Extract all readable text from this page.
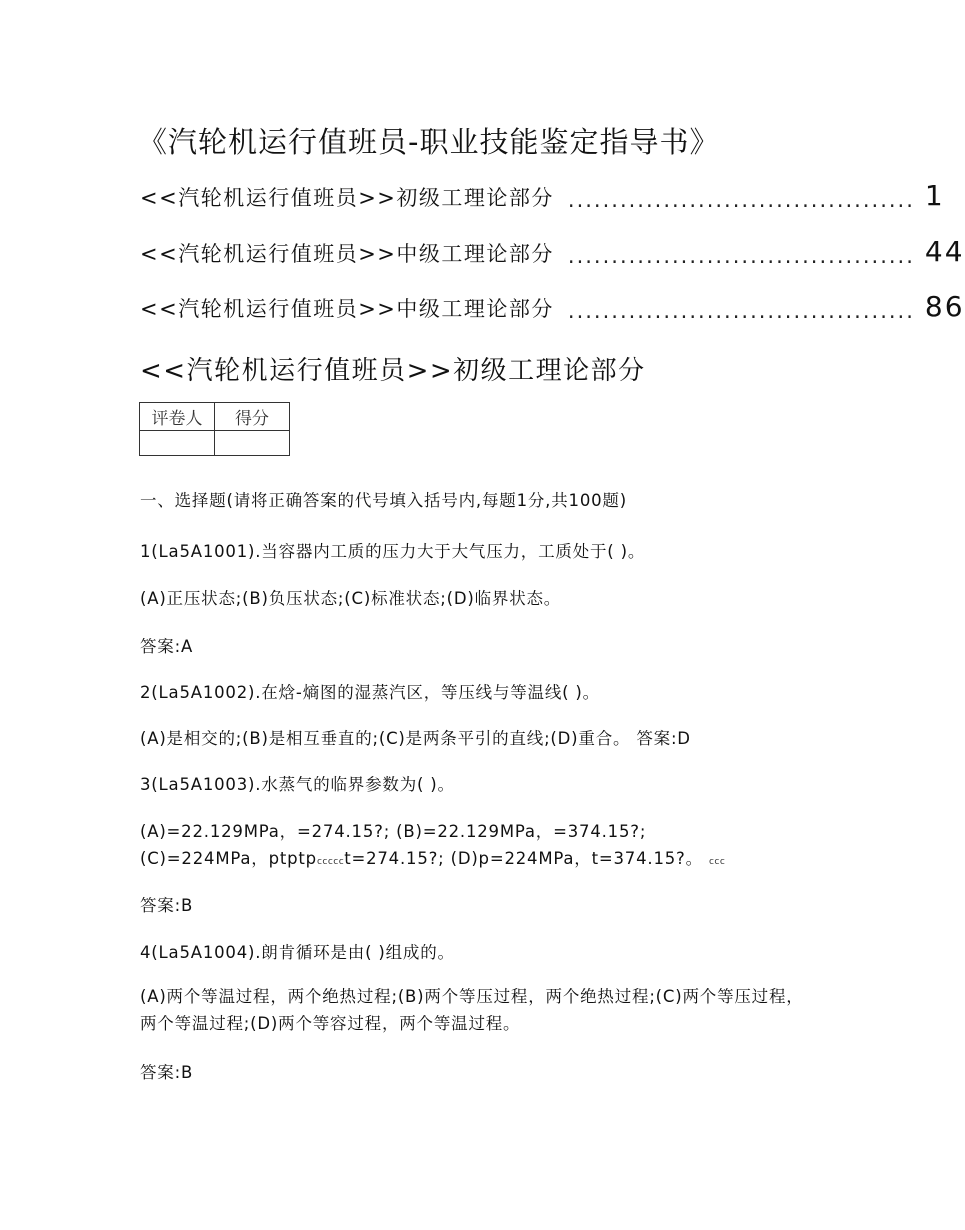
《汽轮机运行值班员-职业技能鉴定指导书》
<<汽轮机运行值班员>>初级工理论部分 ........................................ 1
<<汽轮机运行值班员>>中级工理论部分 ........................................ 44
<<汽轮机运行值班员>>中级工理论部分 ........................................ 86
<<汽轮机运行值班员>>初级工理论部分
评卷人	得分

一、选择题(请将正确答案的代号填入括号内,每题1分,共100题)
1(La5A1001).当容器内工质的压力大于大气压力，工质处于( )。
(A)正压状态;(B)负压状态;(C)标准状态;(D)临界状态。
答案:A
2(La5A1002).在焓-熵图的湿蒸汽区，等压线与等温线( )。
(A)是相交的;(B)是相互垂直的;(C)是两条平引的直线;(D)重合。 答案:D
3(La5A1003).水蒸气的临界参数为( )。
(A)=22.129MPa，=274.15?; (B)=22.129MPa，=374.15?;
(C)=224MPa，ptptpccccct=274.15?; (D)p=224MPa，t=374.15?。 ccc
答案:B
4(La5A1004).朗肯循环是由( )组成的。
(A)两个等温过程，两个绝热过程;(B)两个等压过程，两个绝热过程;(C)两个等压过程，两个等温过程;(D)两个等容过程，两个等温过程。
答案:B
